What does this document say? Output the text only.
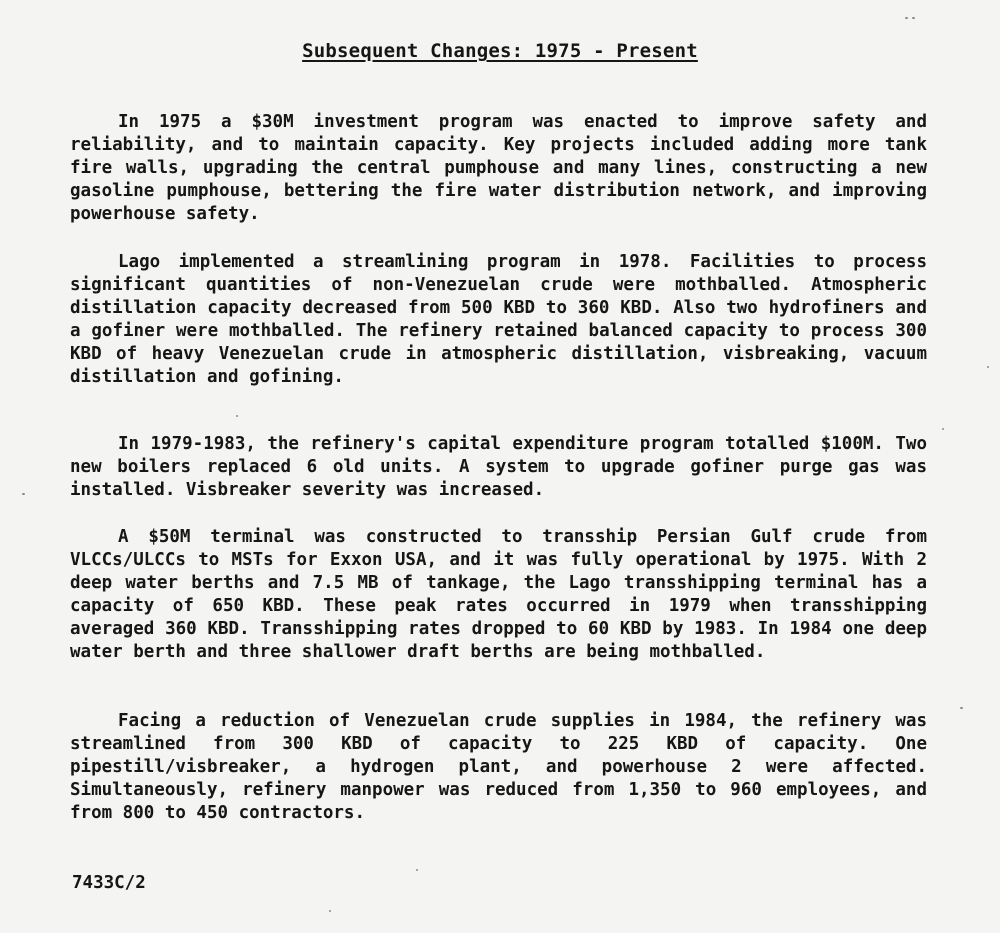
Subsequent Changes: 1975 - Present

In 1975 a $30M investment program was enacted to improve safety and reliability, and to maintain capacity. Key projects included adding more tank fire walls, upgrading the central pumphouse and many lines, constructing a new gasoline pumphouse, bettering the fire water distribution network, and improving powerhouse safety.

Lago implemented a streamlining program in 1978. Facilities to process significant quantities of non-Venezuelan crude were mothballed. Atmospheric distillation capacity decreased from 500 KBD to 360 KBD. Also two hydrofiners and a gofiner were mothballed. The refinery retained balanced capacity to process 300 KBD of heavy Venezuelan crude in atmospheric distillation, visbreaking, vacuum distillation and gofining.

In 1979-1983, the refinery's capital expenditure program totalled $100M. Two new boilers replaced 6 old units. A system to upgrade gofiner purge gas was installed. Visbreaker severity was increased.

A $50M terminal was constructed to transship Persian Gulf crude from VLCCs/ULCCs to MSTs for Exxon USA, and it was fully operational by 1975. With 2 deep water berths and 7.5 MB of tankage, the Lago transshipping terminal has a capacity of 650 KBD. These peak rates occurred in 1979 when transshipping averaged 360 KBD. Transshipping rates dropped to 60 KBD by 1983. In 1984 one deep water berth and three shallower draft berths are being mothballed.

Facing a reduction of Venezuelan crude supplies in 1984, the refinery was streamlined from 300 KBD of capacity to 225 KBD of capacity. One pipestill/visbreaker, a hydrogen plant, and powerhouse 2 were affected. Simultaneously, refinery manpower was reduced from 1,350 to 960 employees, and from 800 to 450 contractors.

7433C/2
